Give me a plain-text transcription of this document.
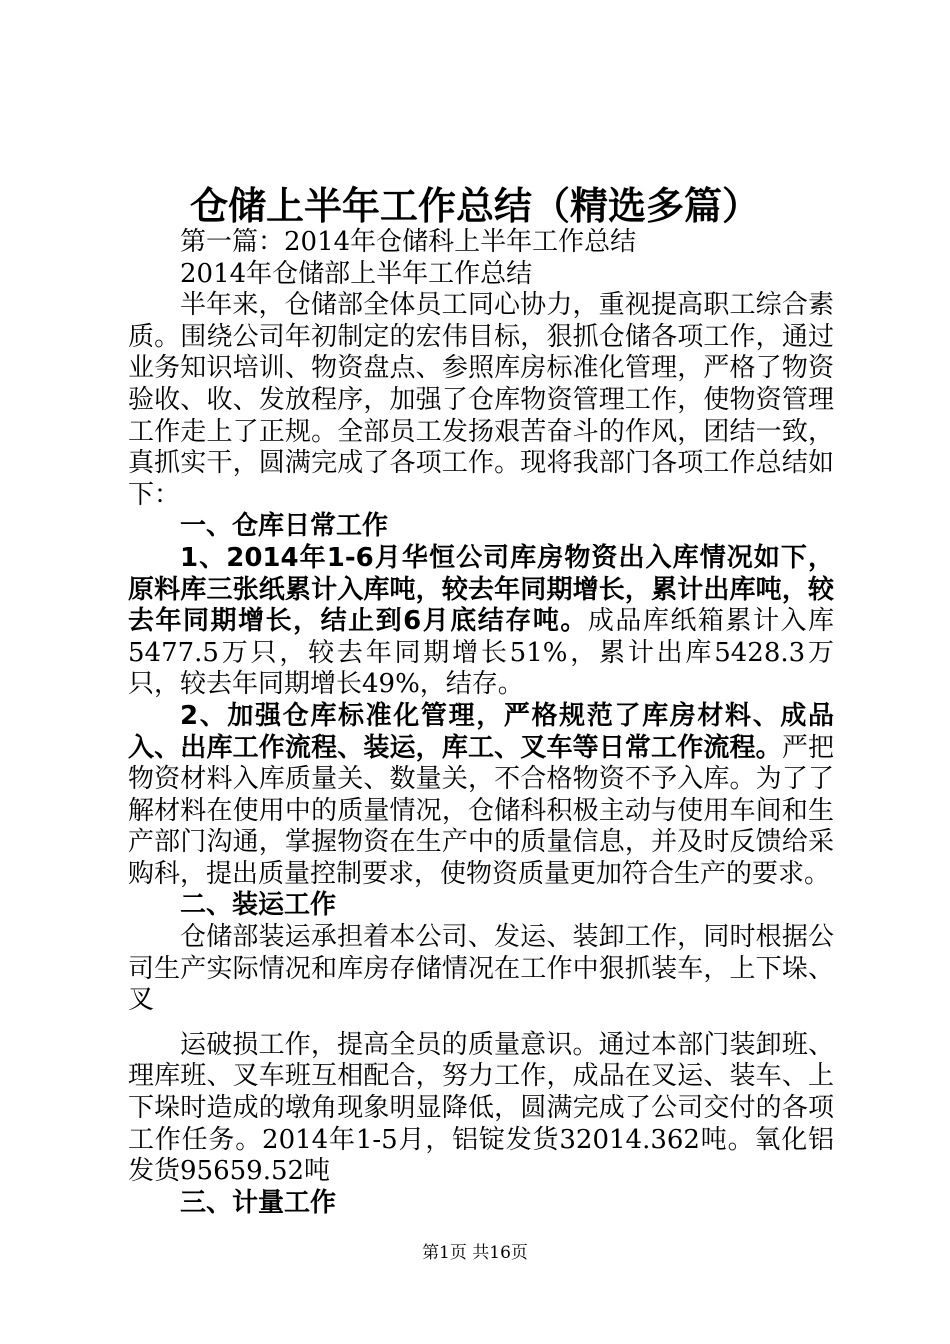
仓储上半年工作总结（精选多篇）

第一篇：2014年仓储科上半年工作总结

2014年仓储部上半年工作总结

半年来，仓储部全体员工同心协力，重视提高职工综合素质。围绕公司年初制定的宏伟目标，狠抓仓储各项工作，通过业务知识培训、物资盘点、参照库房标准化管理，严格了物资验收、收、发放程序，加强了仓库物资管理工作，使物资管理工作走上了正规。全部员工发扬艰苦奋斗的作风，团结一致，真抓实干，圆满完成了各项工作。现将我部门各项工作总结如下：

一、仓库日常工作

1、2014年1-6月华恒公司库房物资出入库情况如下，原料库三张纸累计入库吨，较去年同期增长，累计出库吨，较去年同期增长，结止到6月底结存吨。成品库纸箱累计入库5477.5万只，较去年同期增长51%，累计出库5428.3万只，较去年同期增长49%，结存。

2、加强仓库标准化管理，严格规范了库房材料、成品入、出库工作流程、装运，库工、叉车等日常工作流程。严把物资材料入库质量关、数量关，不合格物资不予入库。为了了解材料在使用中的质量情况，仓储科积极主动与使用车间和生产部门沟通，掌握物资在生产中的质量信息，并及时反馈给采购科，提出质量控制要求，使物资质量更加符合生产的要求。

二、装运工作

仓储部装运承担着本公司、发运、装卸工作，同时根据公司生产实际情况和库房存储情况在工作中狠抓装车，上下垛、叉

运破损工作，提高全员的质量意识。通过本部门装卸班、理库班、叉车班互相配合，努力工作，成品在叉运、装车、上下垛时造成的墩角现象明显降低，圆满完成了公司交付的各项工作任务。2014年1-5月，铝锭发货32014.362吨。氧化铝发货95659.52吨

三、计量工作

第1页 共16页
